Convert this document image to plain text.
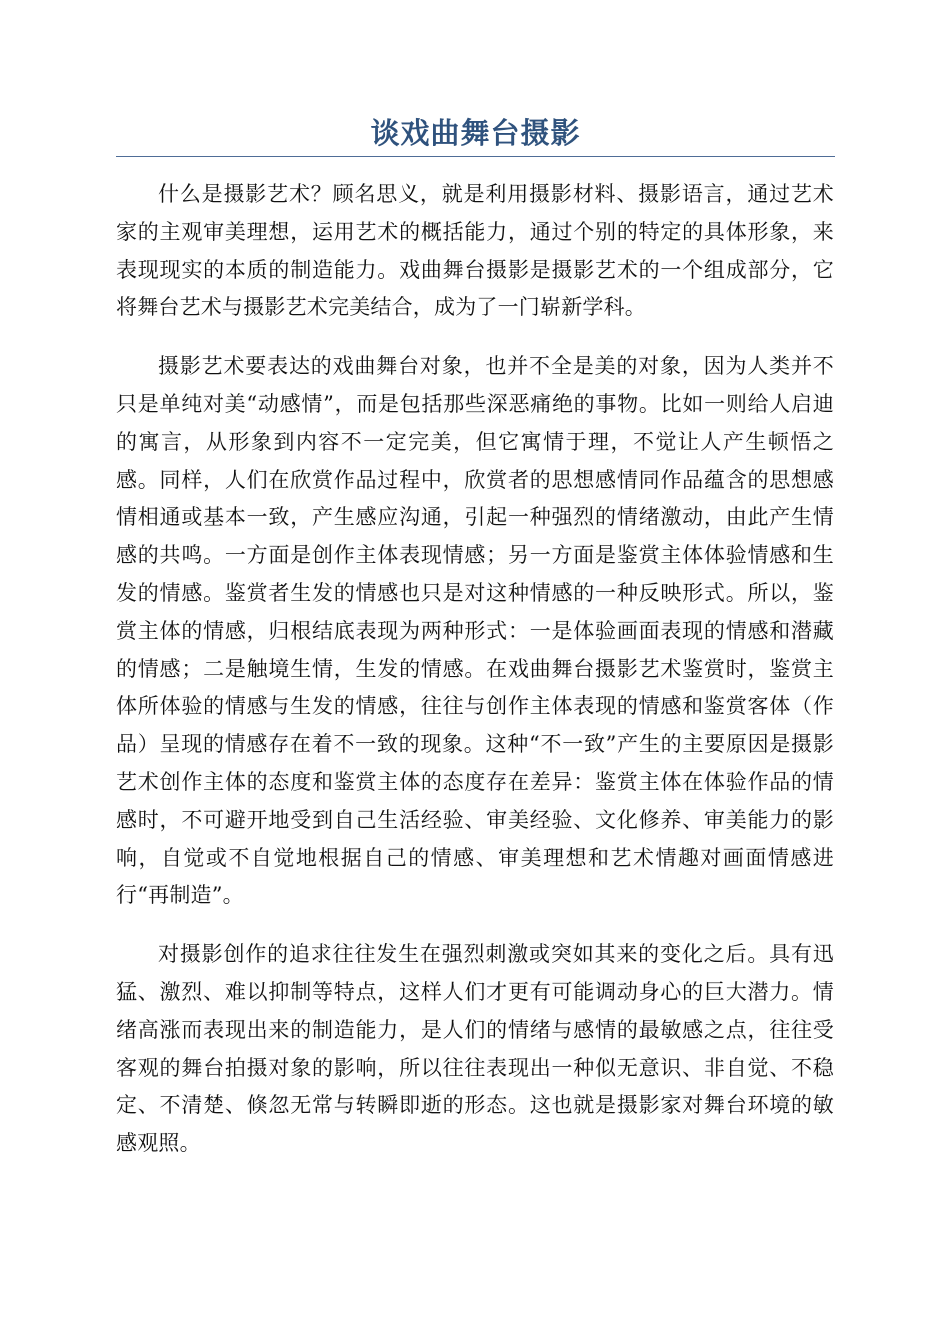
谈戏曲舞台摄影

什么是摄影艺术？顾名思义，就是利用摄影材料、摄影语言，通过艺术家的主观审美理想，运用艺术的概括能力，通过个别的特定的具体形象，来表现现实的本质的制造能力。戏曲舞台摄影是摄影艺术的一个组成部分，它将舞台艺术与摄影艺术完美结合，成为了一门崭新学科。

摄影艺术要表达的戏曲舞台对象，也并不全是美的对象，因为人类并不只是单纯对美“动感情”，而是包括那些深恶痛绝的事物。比如一则给人启迪的寓言，从形象到内容不一定完美，但它寓情于理，不觉让人产生顿悟之感。同样，人们在欣赏作品过程中，欣赏者的思想感情同作品蕴含的思想感情相通或基本一致，产生感应沟通，引起一种强烈的情绪激动，由此产生情感的共鸣。一方面是创作主体表现情感；另一方面是鉴赏主体体验情感和生发的情感。鉴赏者生发的情感也只是对这种情感的一种反映形式。所以，鉴赏主体的情感，归根结底表现为两种形式：一是体验画面表现的情感和潜藏的情感；二是触境生情，生发的情感。在戏曲舞台摄影艺术鉴赏时，鉴赏主体所体验的情感与生发的情感，往往与创作主体表现的情感和鉴赏客体（作品）呈现的情感存在着不一致的现象。这种“不一致”产生的主要原因是摄影艺术创作主体的态度和鉴赏主体的态度存在差异：鉴赏主体在体验作品的情感时，不可避开地受到自己生活经验、审美经验、文化修养、审美能力的影响，自觉或不自觉地根据自己的情感、审美理想和艺术情趣对画面情感进行“再制造”。

对摄影创作的追求往往发生在强烈刺激或突如其来的变化之后。具有迅猛、激烈、难以抑制等特点，这样人们才更有可能调动身心的巨大潜力。情绪高涨而表现出来的制造能力，是人们的情绪与感情的最敏感之点，往往受客观的舞台拍摄对象的影响，所以往往表现出一种似无意识、非自觉、不稳定、不清楚、倏忽无常与转瞬即逝的形态。这也就是摄影家对舞台环境的敏感观照。
